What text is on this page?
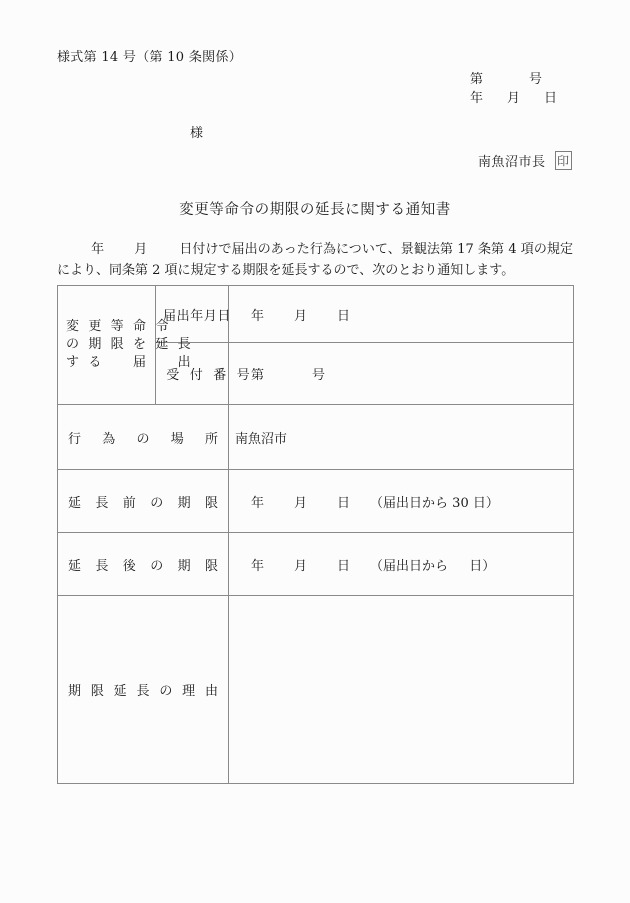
様式第 14 号（第 10 条関係）
第	号
年 月 日
様
南魚沼市長 印
変更等命令の期限の延長に関する通知書
年 月 日付けで届出のあった行為について、景観法第 17 条第 4 項の規定により、同条第 2 項に規定する期限を延長するので、次のとおり通知します。
変 更 等 命 令
の 期 限 を 延 長
す る 　 届 　 出	届出年月日	年 月 日

	受 付 番 号	第 号

行 為 の 場 所		南魚沼市

延 長 前 の 期 限		年 月 日 （届出日から 30 日）

延 長 後 の 期 限		年 月 日 （届出日から 　 日）

期 限 延 長 の 理 由		
